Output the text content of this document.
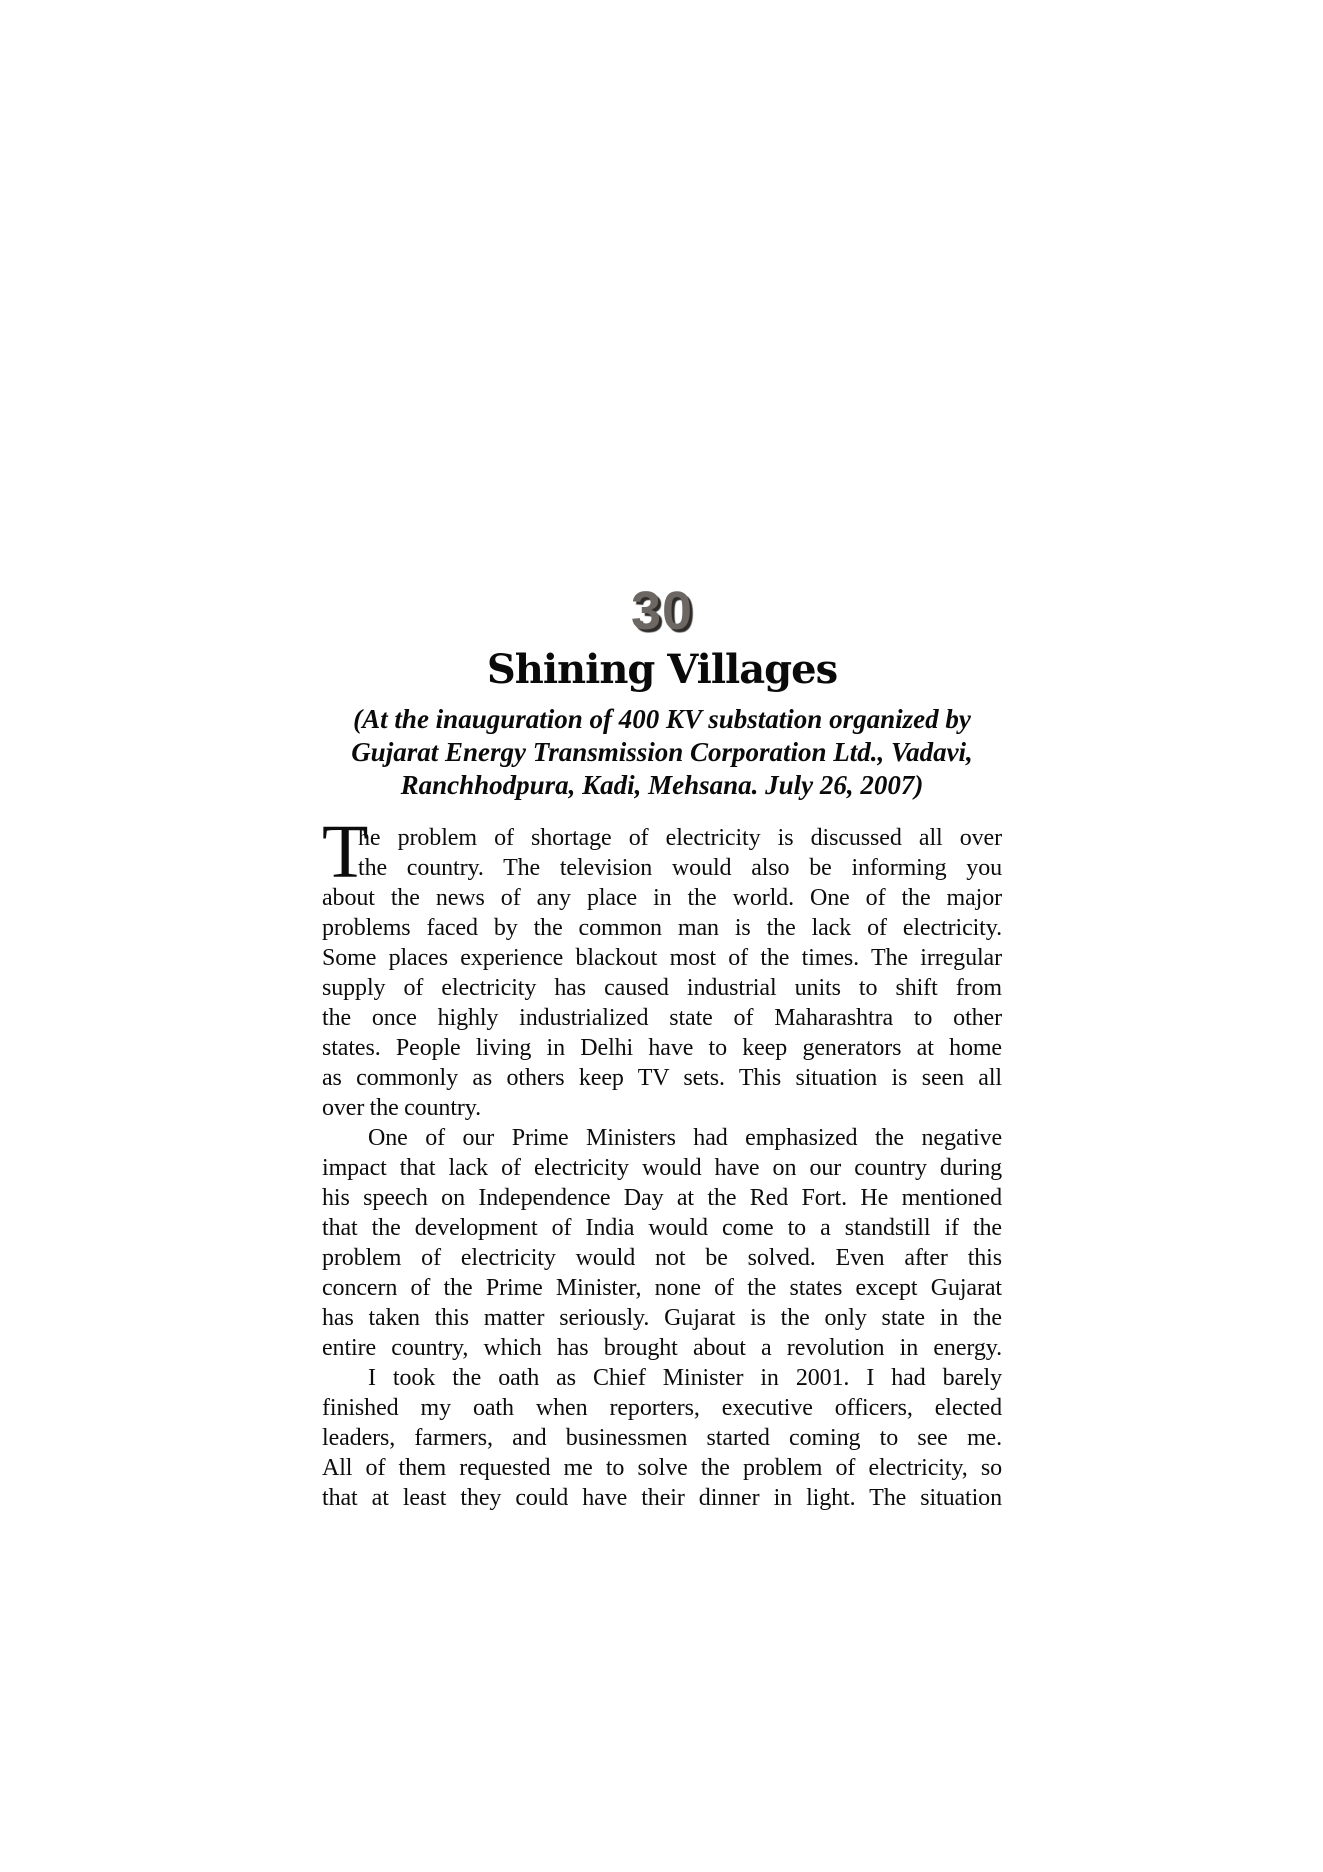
30
Shining Villages
(At the inauguration of 400 KV substation organized by
Gujarat Energy Transmission Corporation Ltd., Vadavi,
Ranchhodpura, Kadi, Mehsana. July 26, 2007)
T
he problem of shortage of electricity is discussed all over
the country. The television would also be informing you
about the news of any place in the world. One of the major
problems faced by the common man is the lack of electricity.
Some places experience blackout most of the times. The irregular
supply of electricity has caused industrial units to shift from
the once highly industrialized state of Maharashtra to other
states. People living in Delhi have to keep generators at home
as commonly as others keep TV sets. This situation is seen all
over the country.
One of our Prime Ministers had emphasized the negative
impact that lack of electricity would have on our country during
his speech on Independence Day at the Red Fort. He mentioned
that the development of India would come to a standstill if the
problem of electricity would not be solved. Even after this
concern of the Prime Minister, none of the states except Gujarat
has taken this matter seriously. Gujarat is the only state in the
entire country, which has brought about a revolution in energy.
I took the oath as Chief Minister in 2001. I had barely
finished my oath when reporters, executive officers, elected
leaders, farmers, and businessmen started coming to see me.
All of them requested me to solve the problem of electricity, so
that at least they could have their dinner in light. The situation
